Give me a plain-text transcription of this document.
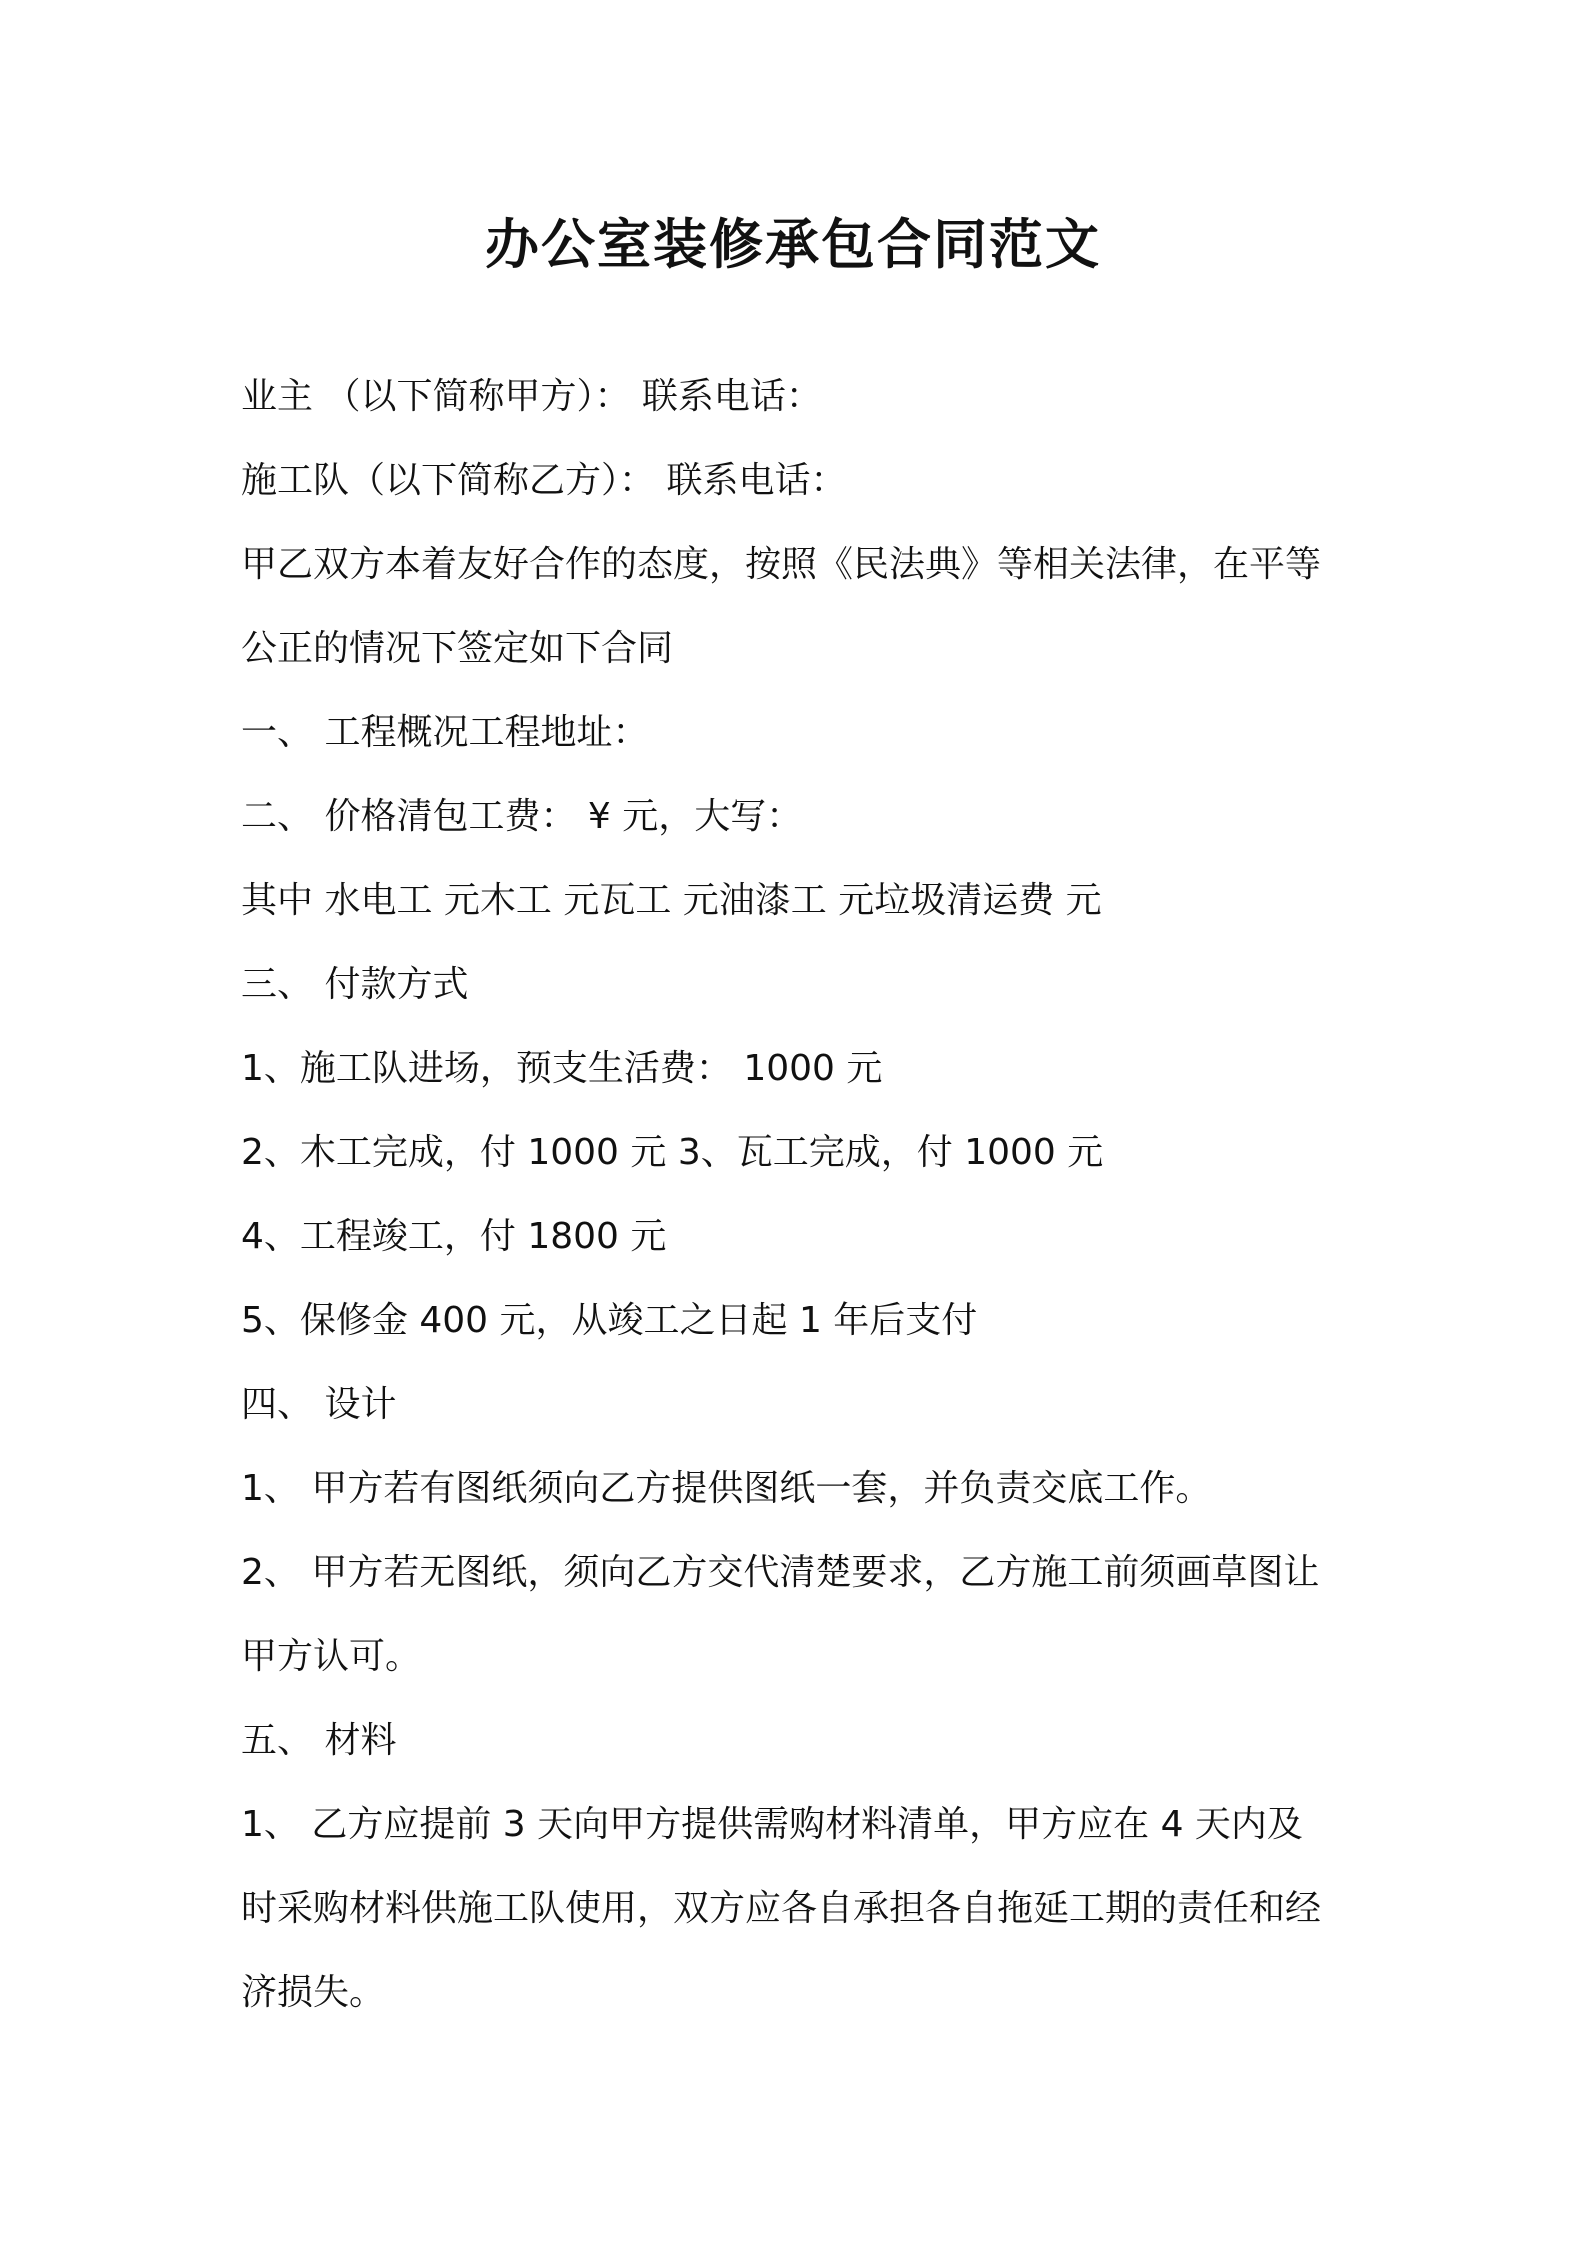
办公室装修承包合同范文

业主 （以下简称甲方）： 联系电话：

施工队（以下简称乙方）： 联系电话：

甲乙双方本着友好合作的态度，按照《民法典》等相关法律，在平等

公正的情况下签定如下合同

一、 工程概况工程地址：

二、 价格清包工费： ¥ 元，大写：

其中 水电工 元木工 元瓦工 元油漆工 元垃圾清运费 元

三、 付款方式

1、施工队进场，预支生活费： 1000 元

2、木工完成，付 1000 元 3、瓦工完成，付 1000 元

4、工程竣工，付 1800 元

5、保修金 400 元，从竣工之日起 1 年后支付

四、 设计

1、 甲方若有图纸须向乙方提供图纸一套，并负责交底工作。

2、 甲方若无图纸，须向乙方交代清楚要求，乙方施工前须画草图让

甲方认可。

五、 材料

1、 乙方应提前 3 天向甲方提供需购材料清单，甲方应在 4 天内及

时采购材料供施工队使用，双方应各自承担各自拖延工期的责任和经

济损失。
